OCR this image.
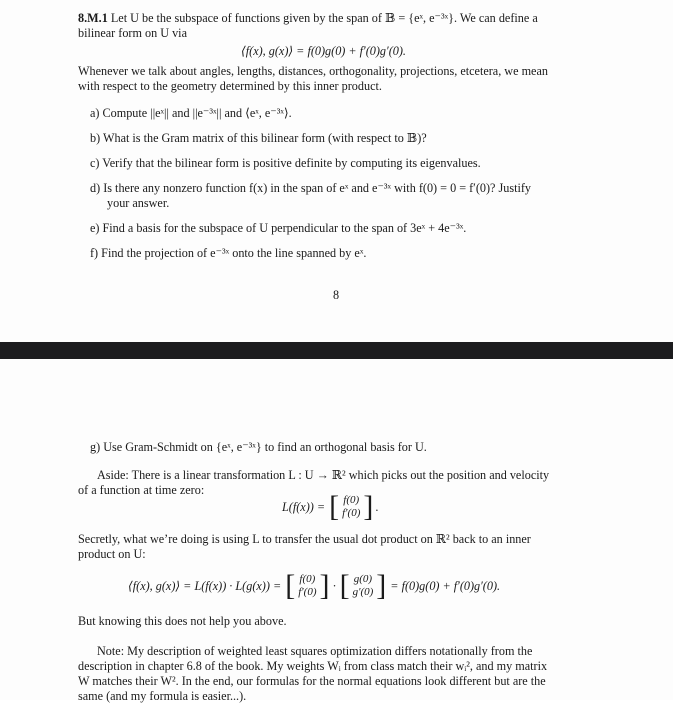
8.M.1 Let U be the subspace of functions given by the span of 𝔹 = {eˣ, e⁻³ˣ}. We can define a
bilinear form on U via
⟨f(x), g(x)⟩ = f(0)g(0) + f′(0)g′(0).
Whenever we talk about angles, lengths, distances, orthogonality, projections, etcetera, we mean
with respect to the geometry determined by this inner product.
a) Compute ||eˣ|| and ||e⁻³ˣ|| and ⟨eˣ, e⁻³ˣ⟩.
b) What is the Gram matrix of this bilinear form (with respect to 𝔹)?
c) Verify that the bilinear form is positive definite by computing its eigenvalues.
d) Is there any nonzero function f(x) in the span of eˣ and e⁻³ˣ with f(0) = 0 = f′(0)? Justify
your answer.
e) Find a basis for the subspace of U perpendicular to the span of 3eˣ + 4e⁻³ˣ.
f) Find the projection of e⁻³ˣ onto the line spanned by eˣ.
8
g) Use Gram-Schmidt on {eˣ, e⁻³ˣ} to find an orthogonal basis for U.
Aside: There is a linear transformation L : U → ℝ² which picks out the position and velocity
of a function at time zero:
L(f(x)) = [ f(0)
f′(0) ] .
Secretly, what we’re doing is using L to transfer the usual dot product on ℝ² back to an inner
product on U:
⟨f(x), g(x)⟩ = L(f(x)) · L(g(x)) = [ f(0)
f′(0) ] · [ g(0)
g′(0) ] = f(0)g(0) + f′(0)g′(0).
But knowing this does not help you above.
Note: My description of weighted least squares optimization differs notationally from the
description in chapter 6.8 of the book. My weights Wᵢ from class match their wᵢ², and my matrix
W matches their W². In the end, our formulas for the normal equations look different but are the
same (and my formula is easier...).
